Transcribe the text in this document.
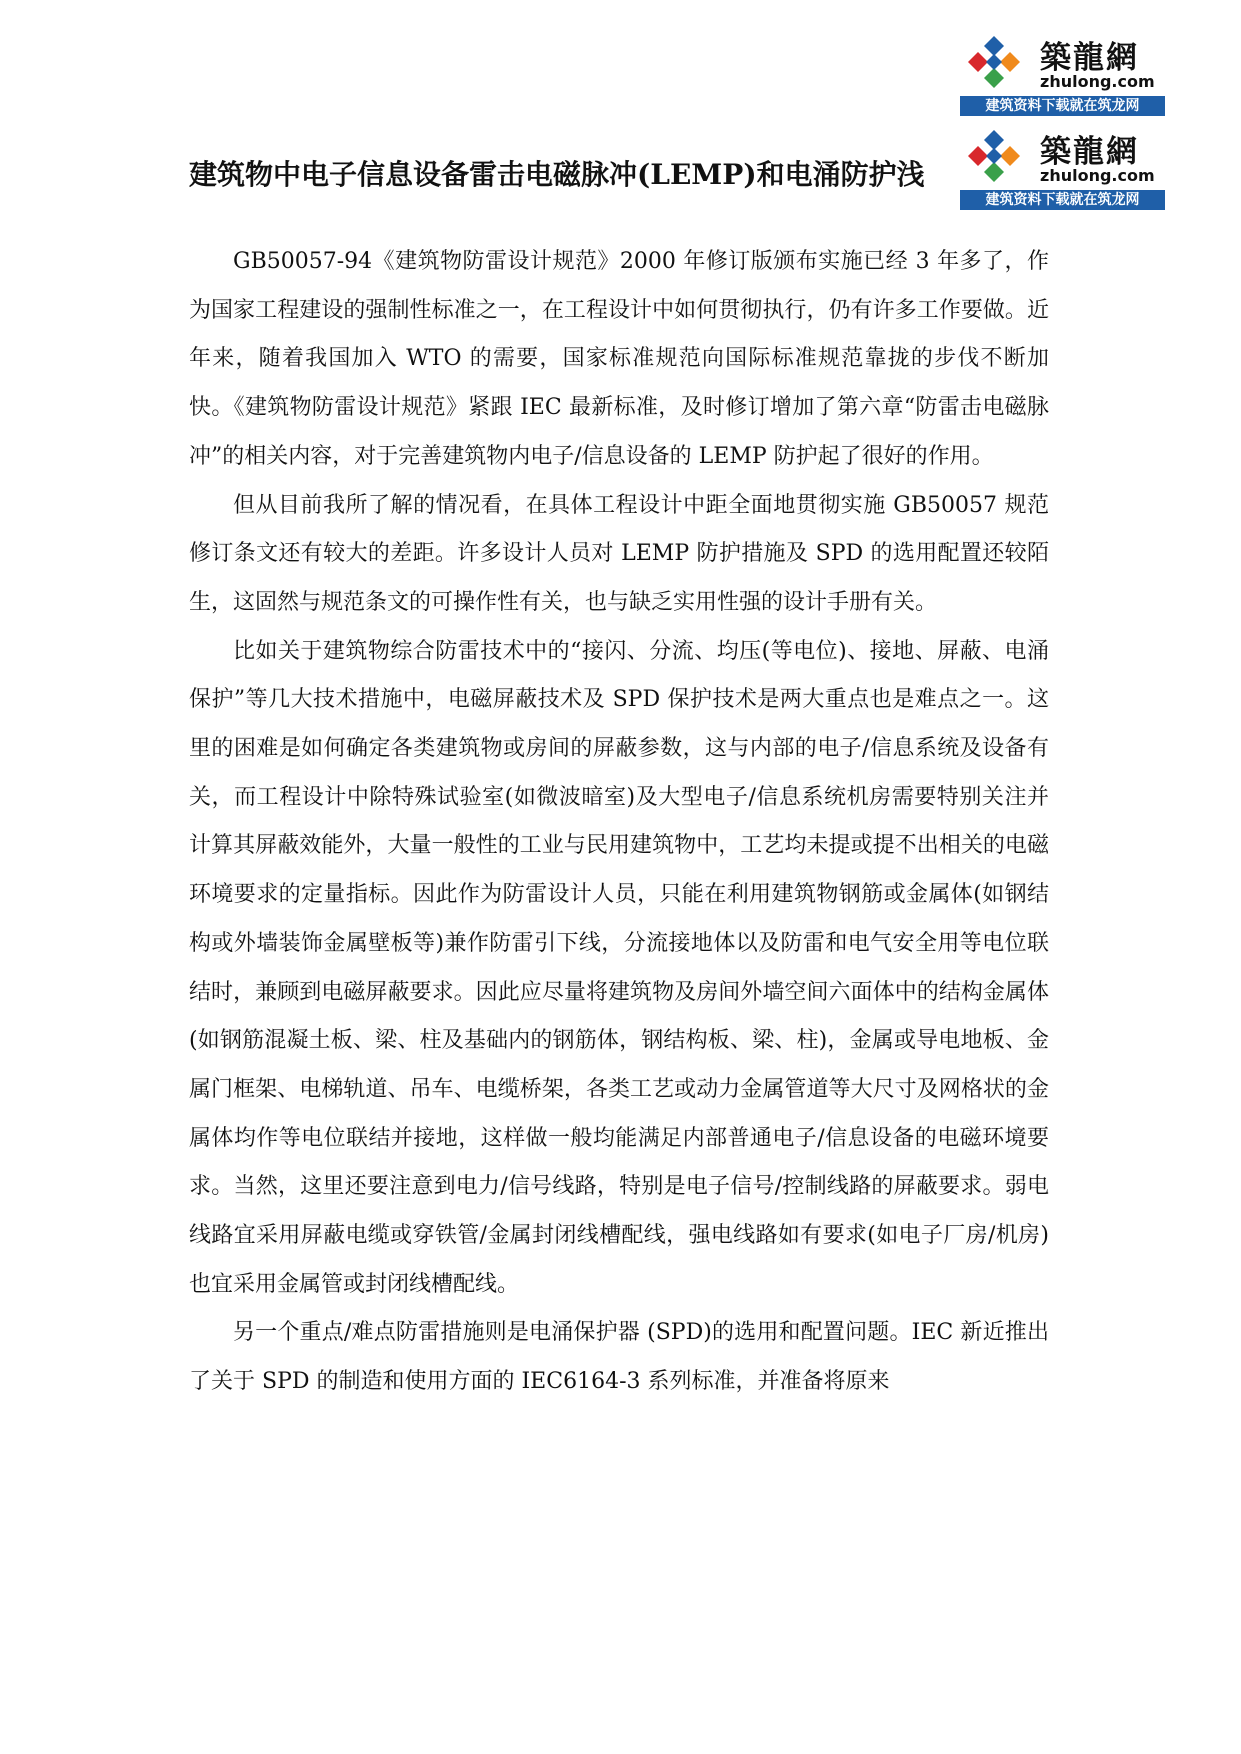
築龍網
zhulong.com
建筑资料下载就在筑龙网
建筑物中电子信息设备雷击电磁脉冲(LEMP)和电涌防护浅
築龍網
zhulong.com
建筑资料下载就在筑龙网

GB50057-94《建筑物防雷设计规范》2000 年修订版颁布实施已经 3 年多了，作为国家工程建设的强制性标准之一，在工程设计中如何贯彻执行，仍有许多工作要做。近年来，随着我国加入 WTO 的需要，国家标准规范向国际标准规范靠拢的步伐不断加快。《建筑物防雷设计规范》紧跟 IEC 最新标准，及时修订增加了第六章“防雷击电磁脉冲”的相关内容，对于完善建筑物内电子/信息设备的 LEMP 防护起了很好的作用。

但从目前我所了解的情况看，在具体工程设计中距全面地贯彻实施 GB50057 规范修订条文还有较大的差距。许多设计人员对 LEMP 防护措施及 SPD 的选用配置还较陌生，这固然与规范条文的可操作性有关，也与缺乏实用性强的设计手册有关。

比如关于建筑物综合防雷技术中的“接闪、分流、均压(等电位)、接地、屏蔽、电涌保护”等几大技术措施中，电磁屏蔽技术及 SPD 保护技术是两大重点也是难点之一。这里的困难是如何确定各类建筑物或房间的屏蔽参数，这与内部的电子/信息系统及设备有关，而工程设计中除特殊试验室(如微波暗室)及大型电子/信息系统机房需要特别关注并计算其屏蔽效能外，大量一般性的工业与民用建筑物中，工艺均未提或提不出相关的电磁环境要求的定量指标。因此作为防雷设计人员，只能在利用建筑物钢筋或金属体(如钢结构或外墙装饰金属壁板等)兼作防雷引下线，分流接地体以及防雷和电气安全用等电位联结时，兼顾到电磁屏蔽要求。因此应尽量将建筑物及房间外墙空间六面体中的结构金属体(如钢筋混凝土板、梁、柱及基础内的钢筋体，钢结构板、梁、柱)，金属或导电地板、金属门框架、电梯轨道、吊车、电缆桥架，各类工艺或动力金属管道等大尺寸及网格状的金属体均作等电位联结并接地，这样做一般均能满足内部普通电子/信息设备的电磁环境要求。当然，这里还要注意到电力/信号线路，特别是电子信号/控制线路的屏蔽要求。弱电线路宜采用屏蔽电缆或穿铁管/金属封闭线槽配线，强电线路如有要求(如电子厂房/机房)也宜采用金属管或封闭线槽配线。

另一个重点/难点防雷措施则是电涌保护器 (SPD)的选用和配置问题。IEC 新近推出了关于 SPD 的制造和使用方面的 IEC6164-3 系列标准，并准备将原来
